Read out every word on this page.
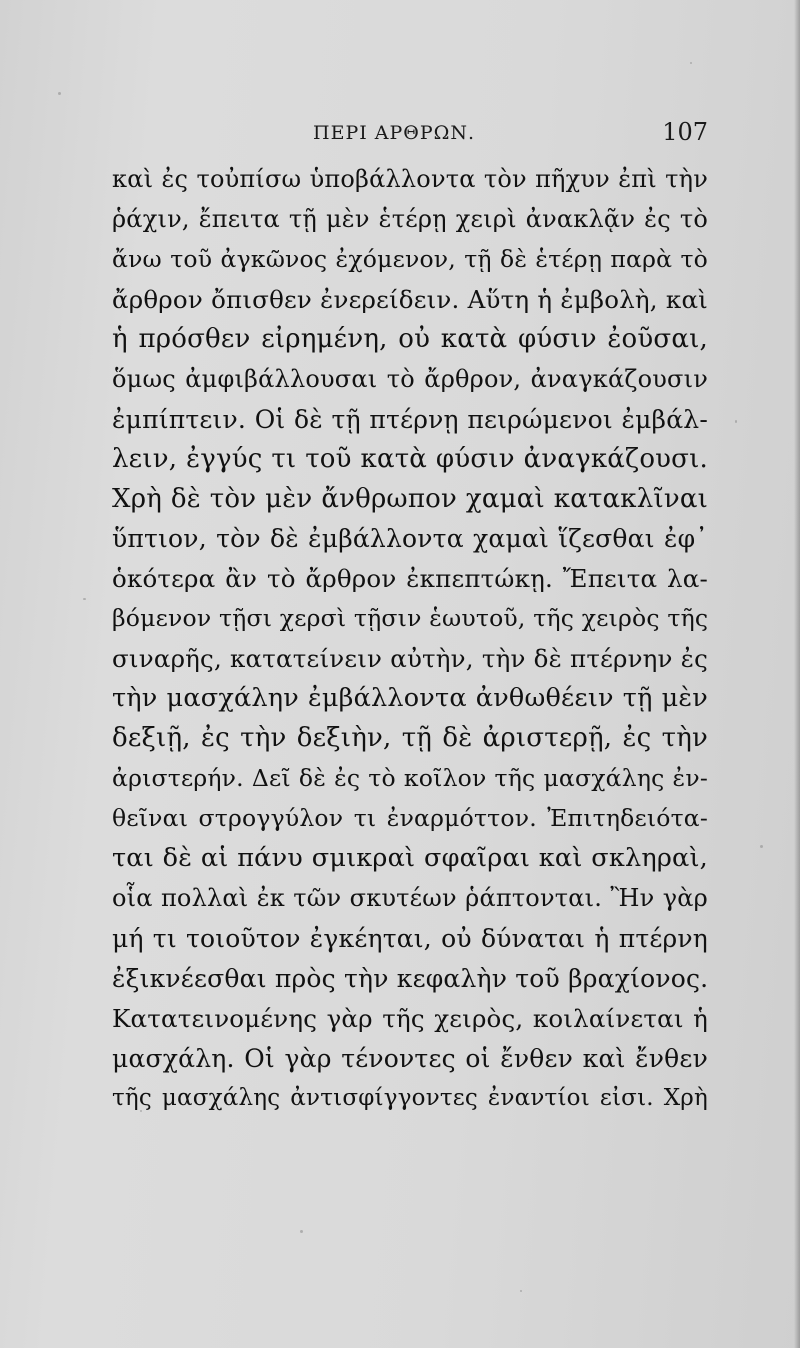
ΠΕΡΙ ΑΡΘΡΩΝ.	107
καὶ ἐς τοὐπίσω ὑποβάλλοντα τὸν πῆχυν ἐπὶ τὴν
ῥάχιν, ἔπειτα τῇ μὲν ἑτέρῃ χειρὶ ἀνακλᾷν ἐς τὸ
ἄνω τοῦ ἀγκῶνος ἐχόμενον, τῇ δὲ ἑτέρῃ παρὰ τὸ
ἄρθρον ὄπισθεν ἐνερείδειν. Αὕτη ἡ ἐμβολὴ, καὶ
ἡ πρόσθεν εἰρημένη, οὐ κατὰ φύσιν ἐοῦσαι,
ὅμως ἀμφιβάλλουσαι τὸ ἄρθρον, ἀναγκάζουσιν
ἐμπίπτειν. Οἱ δὲ τῇ πτέρνῃ πειρώμενοι ἐμβάλ-
λειν, ἐγγύς τι τοῦ κατὰ φύσιν ἀναγκάζουσι.
Χρὴ δὲ τὸν μὲν ἄνθρωπον χαμαὶ κατακλῖναι
ὕπτιον, τὸν δὲ ἐμβάλλοντα χαμαὶ ἵζεσθαι ἐφ᾽
ὁκότερα ἂν τὸ ἄρθρον ἐκπεπτώκῃ. Ἔπειτα λα-
βόμενον τῇσι χερσὶ τῇσιν ἑωυτοῦ, τῆς χειρὸς τῆς
σιναρῆς, κατατείνειν αὐτὴν, τὴν δὲ πτέρνην ἐς
τὴν μασχάλην ἐμβάλλοντα ἀνθωθέειν τῇ μὲν
δεξιῇ, ἐς τὴν δεξιὴν, τῇ δὲ ἀριστερῇ, ἐς τὴν
ἀριστερήν. Δεῖ δὲ ἐς τὸ κοῖλον τῆς μασχάλης ἐν-
θεῖναι στρογγύλον τι ἐναρμόττον. Ἐπιτηδειότα-
ται δὲ αἱ πάνυ σμικραὶ σφαῖραι καὶ σκληραὶ,
οἷα πολλαὶ ἐκ τῶν σκυτέων ῥάπτονται. Ἢν γὰρ
μή τι τοιοῦτον ἐγκέηται, οὐ δύναται ἡ πτέρνη
ἐξικνέεσθαι πρὸς τὴν κεφαλὴν τοῦ βραχίονος.
Κατατεινομένης γὰρ τῆς χειρὸς, κοιλαίνεται ἡ
μασχάλη. Οἱ γὰρ τένοντες οἱ ἔνθεν καὶ ἔνθεν
τῆς μασχάλης ἀντισφίγγοντες ἐναντίοι εἰσι. Χρὴ
